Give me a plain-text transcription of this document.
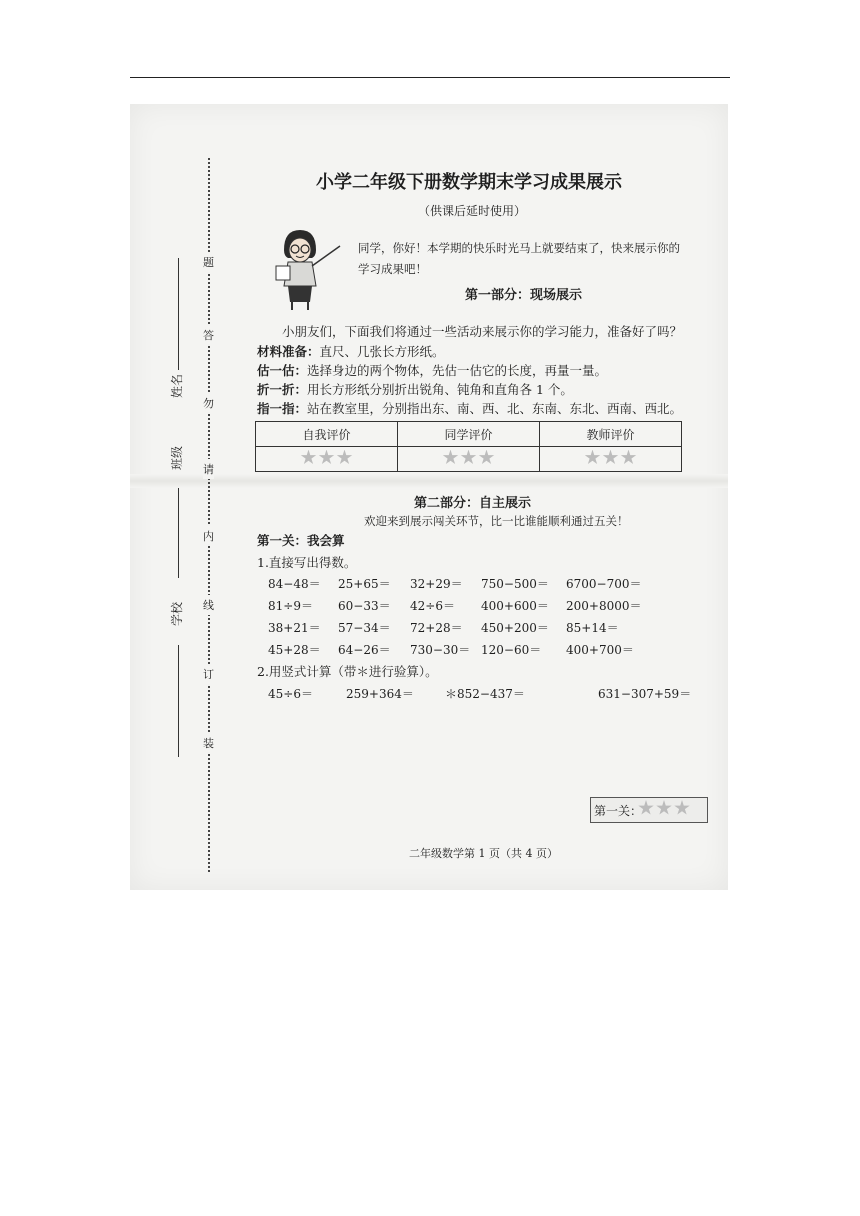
题
答
勿
请
内
线
订
装
姓名
班级
学校
小学二年级下册数学期末学习成果展示
（供课后延时使用）
同学，你好！本学期的快乐时光马上就要结束了，快来展示你的学习成果吧！
第一部分：现场展示
小朋友们，下面我们将通过一些活动来展示你的学习能力，准备好了吗？
材料准备：直尺、几张长方形纸。
估一估：选择身边的两个物体，先估一估它的长度，再量一量。
折一折：用长方形纸分别折出锐角、钝角和直角各 1 个。
指一指：站在教室里，分别指出东、南、西、北、东南、东北、西南、西北。
自我评价	同学评价	教师评价

第二部分：自主展示
欢迎来到展示闯关环节，比一比谁能顺利通过五关！
第一关：我会算
1.直接写出得数。
84−48＝ 25+65＝ 32+29＝ 750−500＝ 6700−700＝
81÷9＝ 60−33＝ 42÷6＝ 400+600＝ 200+8000＝
38+21＝ 57−34＝ 72+28＝ 450+200＝ 85+14＝
45+28＝ 64−26＝ 730−30＝ 120−60＝ 400+700＝
2.用竖式计算（带＊进行验算）。
45÷6＝	259+364＝	＊852−437＝	631−307+59＝
第一关：
二年级数学第 1 页（共 4 页）
